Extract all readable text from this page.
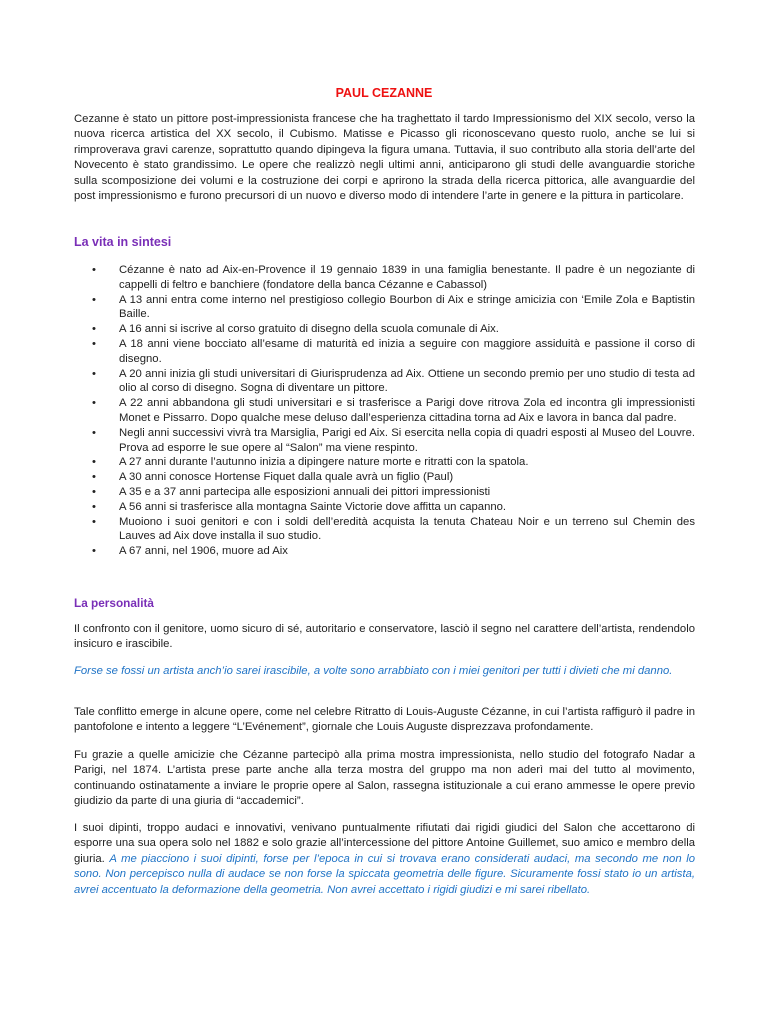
PAUL CEZANNE

Cezanne è stato un pittore post-impressionista francese che ha traghettato il tardo Impressionismo del XIX secolo, verso la nuova ricerca artistica del XX secolo, il Cubismo. Matisse e Picasso gli riconoscevano questo ruolo, anche se lui si rimproverava gravi carenze, soprattutto quando dipingeva la figura umana. Tuttavia, il suo contributo alla storia dell’arte del Novecento è stato grandissimo. Le opere che realizzò negli ultimi anni, anticiparono gli studi delle avanguardie storiche sulla scomposizione dei volumi e la costruzione dei corpi e aprirono la strada della ricerca pittorica, alle avanguardie del post impressionismo e furono precursori di un nuovo e diverso modo di intendere l’arte in genere e la pittura in particolare.

La vita in sintesi
• Cézanne è nato ad Aix-en-Provence il 19 gennaio 1839 in una famiglia benestante. Il padre è un negoziante di cappelli di feltro e banchiere (fondatore della banca Cézanne e Cabassol)
• A 13 anni entra come interno nel prestigioso collegio Bourbon di Aix e stringe amicizia con ‘Emile Zola e Baptistin Baille.
• A 16 anni si iscrive al corso gratuito di disegno della scuola comunale di Aix.
• A 18 anni viene bocciato all’esame di maturità ed inizia a seguire con maggiore assiduità e passione il corso di disegno.
• A 20 anni inizia gli studi universitari di Giurisprudenza ad Aix. Ottiene un secondo premio per uno studio di testa ad olio al corso di disegno. Sogna di diventare un pittore.
• A 22 anni abbandona gli studi universitari e si trasferisce a Parigi dove ritrova Zola ed incontra gli impressionisti Monet e Pissarro. Dopo qualche mese deluso dall’esperienza cittadina torna ad Aix e lavora in banca dal padre.
• Negli anni successivi vivrà tra Marsiglia, Parigi ed Aix. Si esercita nella copia di quadri esposti al Museo del Louvre. Prova ad esporre le sue opere al “Salon” ma viene respinto.
• A 27 anni durante l’autunno inizia a dipingere nature morte e ritratti con la spatola.
• A 30 anni conosce Hortense Fiquet dalla quale avrà un figlio (Paul)
• A 35 e a 37 anni partecipa alle esposizioni annuali dei pittori impressionisti
• A 56 anni si trasferisce alla montagna Sainte Victorie dove affitta un capanno.
• Muoiono i suoi genitori e con i soldi dell’eredità acquista la tenuta Chateau Noir e un terreno sul Chemin des Lauves ad Aix dove installa il suo studio.
• A 67 anni, nel 1906, muore ad Aix
La personalità

Il confronto con il genitore, uomo sicuro di sé, autoritario e conservatore, lasciò il segno nel carattere dell’artista, rendendolo insicuro e irascibile.

Forse se fossi un artista anch’io sarei irascibile, a volte sono arrabbiato con i miei genitori per tutti i divieti che mi danno.

Tale conflitto emerge in alcune opere, come nel celebre Ritratto di Louis-Auguste Cézanne, in cui l’artista raffigurò il padre in pantofolone e intento a leggere “L’Evénement”, giornale che Louis Auguste disprezzava profondamente.

Fu grazie a quelle amicizie che Cézanne partecipò alla prima mostra impressionista, nello studio del fotografo Nadar a Parigi, nel 1874. L’artista prese parte anche alla terza mostra del gruppo ma non aderì mai del tutto al movimento, continuando ostinatamente a inviare le proprie opere al Salon, rassegna istituzionale a cui erano ammesse le opere previo giudizio da parte di una giuria di “accademici”.

I suoi dipinti, troppo audaci e innovativi, venivano puntualmente rifiutati dai rigidi giudici del Salon che accettarono di esporre una sua opera solo nel 1882 e solo grazie all’intercessione del pittore Antoine Guillemet, suo amico e membro della giuria. A me piacciono i suoi dipinti, forse per l’epoca in cui si trovava erano considerati audaci, ma secondo me non lo sono. Non percepisco nulla di audace se non forse la spiccata geometria delle figure. Sicuramente fossi stato io un artista, avrei accentuato la deformazione della geometria. Non avrei accettato i rigidi giudizi e mi sarei ribellato.
